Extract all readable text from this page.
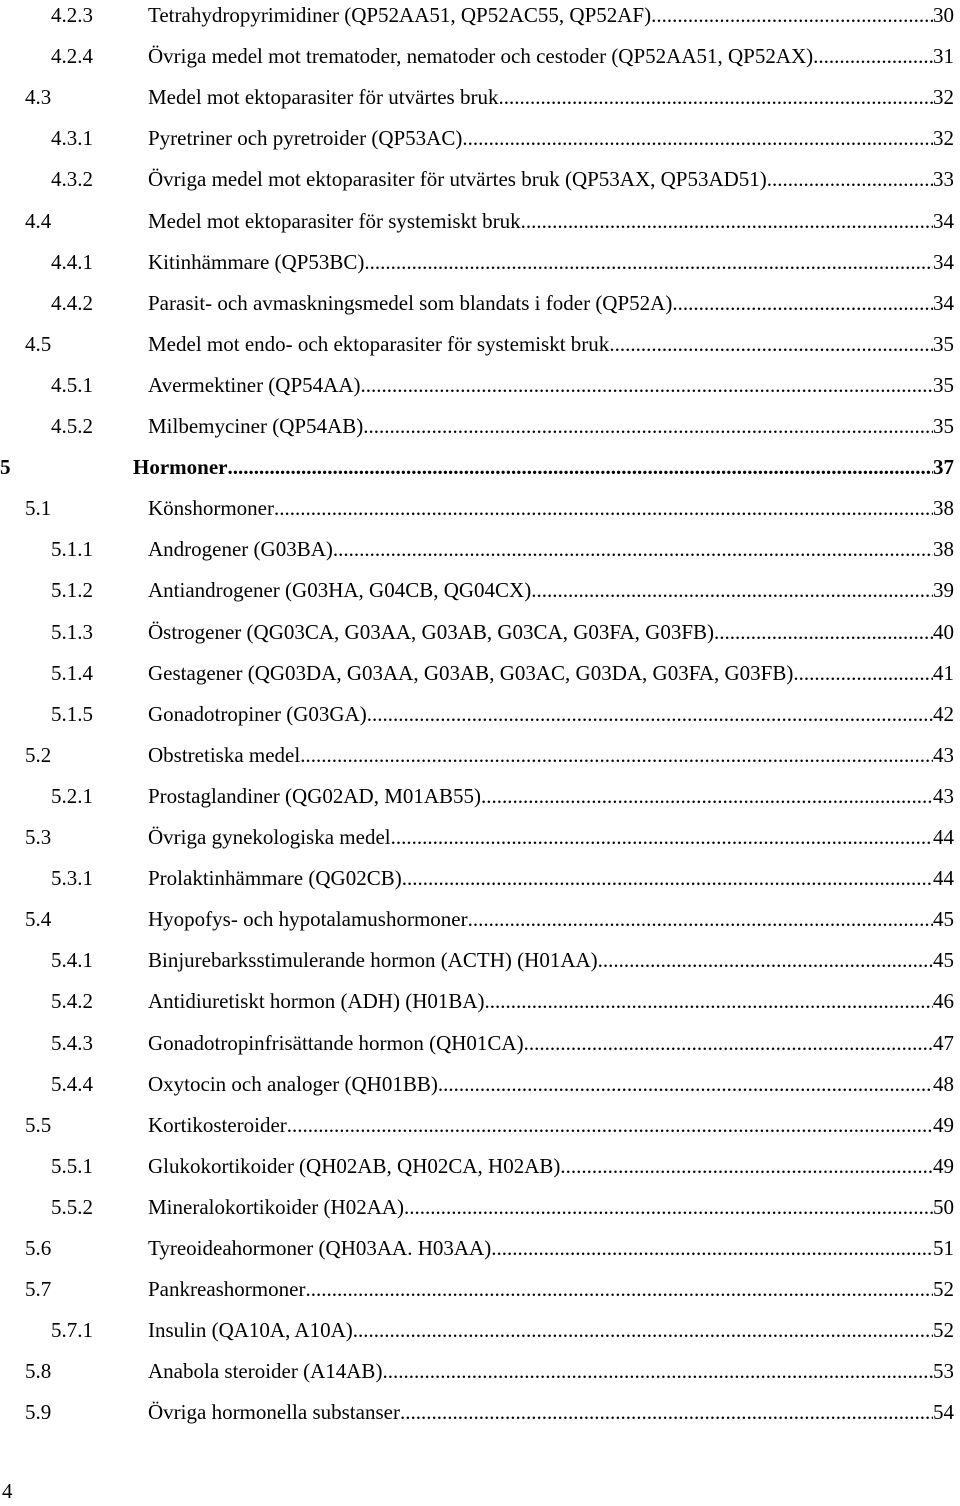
4.2.3	Tetrahydropyrimidiner (QP52AA51, QP52AC55, QP52AF) .....	30
4.2.4	Övriga medel mot trematoder, nematoder och cestoder (QP52AA51, QP52AX) .....	31
4.3	Medel mot ektoparasiter för utvärtes bruk .....	32
4.3.1	Pyretriner och pyretroider (QP53AC) .....	32
4.3.2	Övriga medel mot ektoparasiter för utvärtes bruk (QP53AX, QP53AD51) .....	33
4.4	Medel mot ektoparasiter för systemiskt bruk .....	34
4.4.1	Kitinhämmare (QP53BC) .....	34
4.4.2	Parasit- och avmaskningsmedel som blandats i foder (QP52A) .....	34
4.5	Medel mot endo- och ektoparasiter för systemiskt bruk .....	35
4.5.1	Avermektiner (QP54AA) .....	35
4.5.2	Milbemyciner (QP54AB) .....	35
5	Hormoner .....	37
5.1	Könshormoner .....	38
5.1.1	Androgener (G03BA) .....	38
5.1.2	Antiandrogener (G03HA, G04CB, QG04CX) .....	39
5.1.3	Östrogener (QG03CA, G03AA, G03AB, G03CA, G03FA, G03FB) .....	40
5.1.4	Gestagener (QG03DA, G03AA, G03AB, G03AC, G03DA, G03FA, G03FB) .....	41
5.1.5	Gonadotropiner (G03GA) .....	42
5.2	Obstretiska medel .....	43
5.2.1	Prostaglandiner (QG02AD, M01AB55) .....	43
5.3	Övriga gynekologiska medel .....	44
5.3.1	Prolaktinhämmare (QG02CB) .....	44
5.4	Hyopofys- och hypotalamushormoner .....	45
5.4.1	Binjurebarksstimulerande hormon (ACTH) (H01AA) .....	45
5.4.2	Antidiuretiskt hormon (ADH) (H01BA) .....	46
5.4.3	Gonadotropinfrisättande hormon (QH01CA) .....	47
5.4.4	Oxytocin och analoger (QH01BB) .....	48
5.5	Kortikosteroider .....	49
5.5.1	Glukokortikoider (QH02AB, QH02CA, H02AB) .....	49
5.5.2	Mineralokortikoider (H02AA) .....	50
5.6	Tyreoideahormoner (QH03AA. H03AA) .....	51
5.7	Pankreashormoner .....	52
5.7.1	Insulin (QA10A, A10A) .....	52
5.8	Anabola steroider (A14AB) .....	53
5.9	Övriga hormonella substanser .....	54
4
